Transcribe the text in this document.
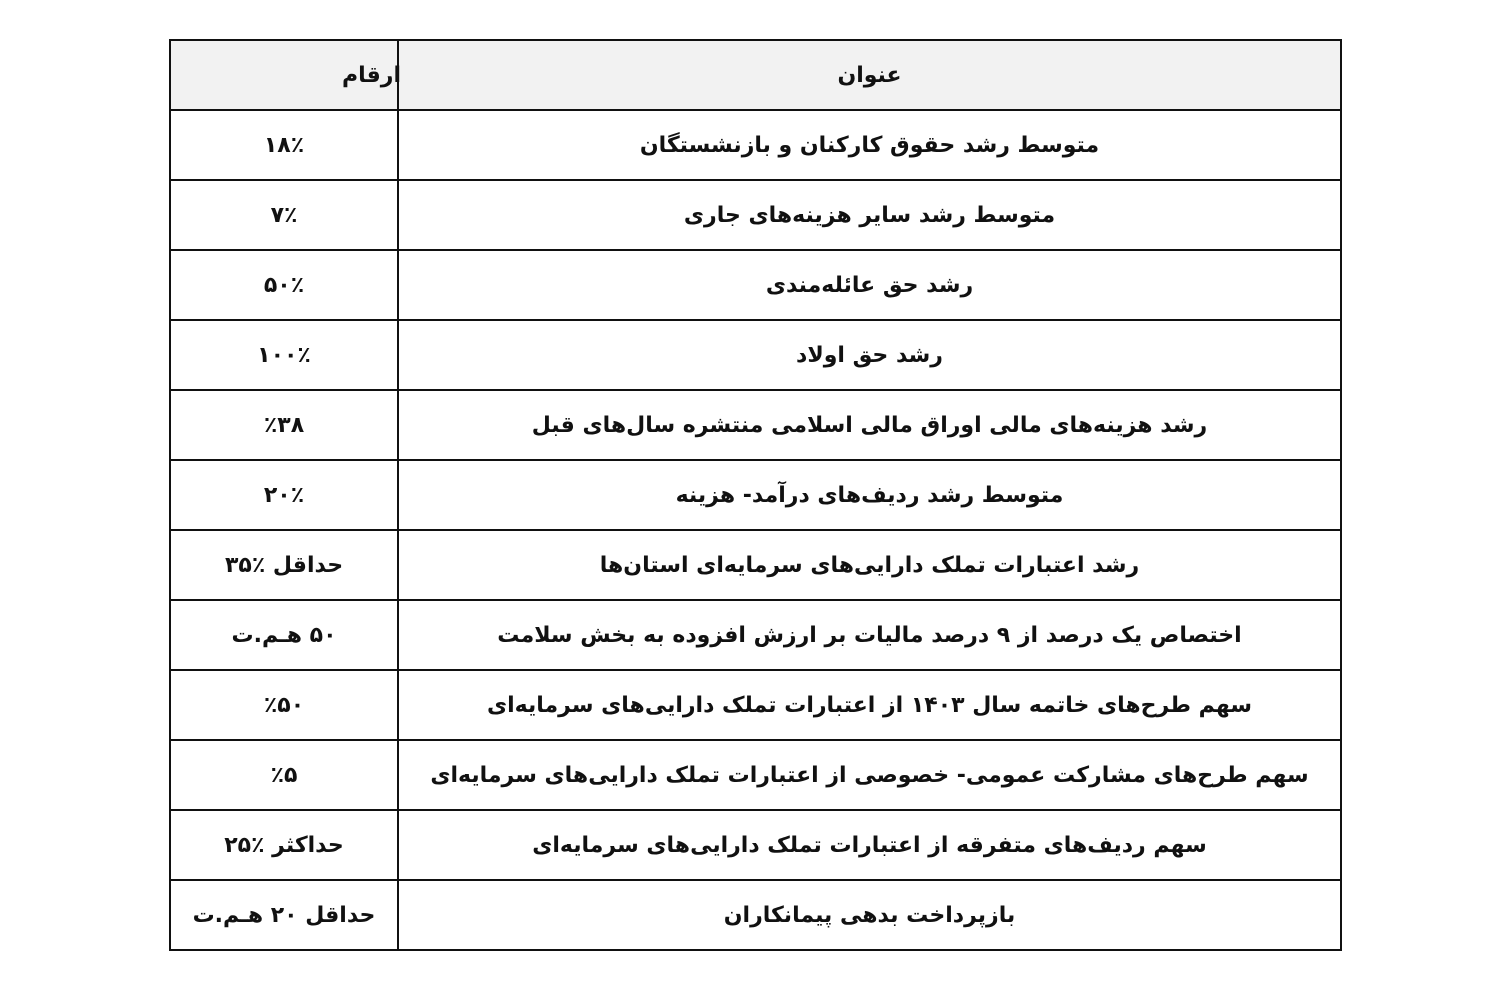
عنوان	ارقام
متوسط رشد حقوق کارکنان و بازنشستگان	۱۸٪
متوسط رشد سایر هزینه‌های جاری	۷٪
رشد حق عائله‌مندی	۵۰٪
رشد حق اولاد	۱۰۰٪
رشد هزینه‌های مالی اوراق مالی اسلامی منتشره سال‌های قبل	٪۳۸
متوسط رشد ردیف‌های درآمد- هزینه	۲۰٪
رشد اعتبارات تملک دارایی‌های سرمایه‌ای استان‌ها	حداقل ٪۳۵
اختصاص یک درصد از ۹ درصد مالیات بر ارزش افزوده به بخش سلامت	۵۰ هـم.ت
سهم طرح‌های خاتمه سال ۱۴۰۳ از اعتبارات تملک دارایی‌های سرمایه‌ای	٪۵۰
سهم طرح‌های مشارکت عمومی- خصوصی از اعتبارات تملک دارایی‌های سرمایه‌ای	٪۵
سهم ردیف‌های متفرقه از اعتبارات تملک دارایی‌های سرمایه‌ای	حداکثر ٪۲۵
بازپرداخت بدهی پیمانکاران	حداقل ۲۰ هـم.ت
